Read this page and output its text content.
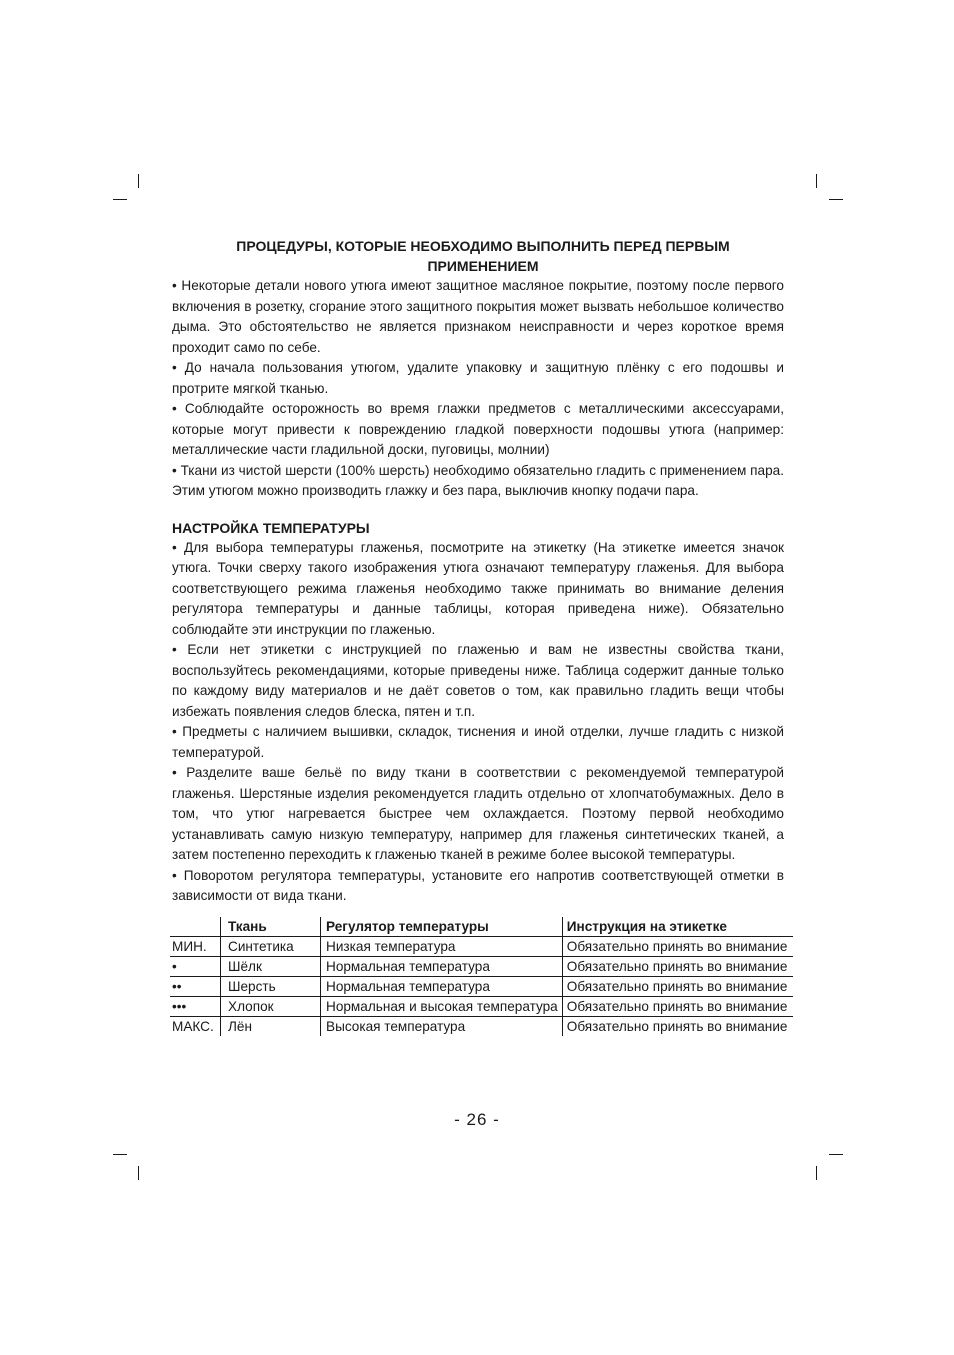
ПРОЦЕДУРЫ, КОТОРЫЕ НЕОБХОДИМО ВЫПОЛНИТЬ ПЕРЕД ПЕРВЫМ ПРИМЕНЕНИЕМ

• Некоторые детали нового утюга имеют защитное масляное покрытие, поэтому после первого включения в розетку, сгорание этого защитного покрытия может вызвать небольшое количество дыма. Это обстоятельство не является признаком неисправности и через короткое время проходит само по себе.

• До начала пользования утюгом, удалите упаковку и защитную плёнку с его подошвы и протрите мягкой тканью.

• Соблюдайте осторожность во время глажки предметов с металлическими аксессуарами, которые могут привести к повреждению гладкой поверхности подошвы утюга (например: металлические части гладильной доски, пуговицы, молнии)

• Ткани из чистой шерсти (100% шерсть) необходимо обязательно гладить с применением пара. Этим утюгом можно производить глажку и без пара, выключив кнопку подачи пара.

НАСТРОЙКА ТЕМПЕРАТУРЫ

• Для выбора температуры глаженья, посмотрите на этикетку (На этикетке имеется значок утюга. Точки сверху такого изображения утюга означают температуру глаженья. Для выбора соответствующего режима глаженья необходимо также принимать во внимание деления регулятора температуры и данные таблицы, которая приведена ниже). Обязательно соблюдайте эти инструкции по глаженью.

• Если нет этикетки с инструкцией по глаженью и вам не известны свойства ткани, воспользуйтесь рекомендациями, которые приведены ниже. Таблица содержит данные только по каждому виду материалов и не даёт советов о том, как правильно гладить вещи чтобы избежать появления следов блеска, пятен и т.п.

• Предметы с наличием вышивки, складок, тиснения и иной отделки, лучше гладить с низкой температурой.

• Разделите ваше бельё по виду ткани в соответствии с рекомендуемой температурой глаженья. Шерстяные изделия рекомендуется гладить отдельно от хлопчатобумажных. Дело в том, что утюг нагревается быстрее чем охлаждается. Поэтому первой необходимо устанавливать самую низкую температуру, например для глаженья синтетических тканей, а затем постепенно переходить к глаженью тканей в режиме более высокой температуры.

• Поворотом регулятора температуры, установите его напротив соответствующей отметки в зависимости от вида ткани.

	Ткань	Регулятор температуры	Инструкция на этикетке
МИН.	Синтетика	Низкая температура	Обязательно принять во внимание
•	Шёлк	Нормальная температура	Обязательно принять во внимание
••	Шерсть	Нормальная температура	Обязательно принять во внимание
•••	Хлопок	Нормальная и высокая температура	Обязательно принять во внимание
МАКС.	Лён	Высокая температура	Обязательно принять во внимание
- 26 -
